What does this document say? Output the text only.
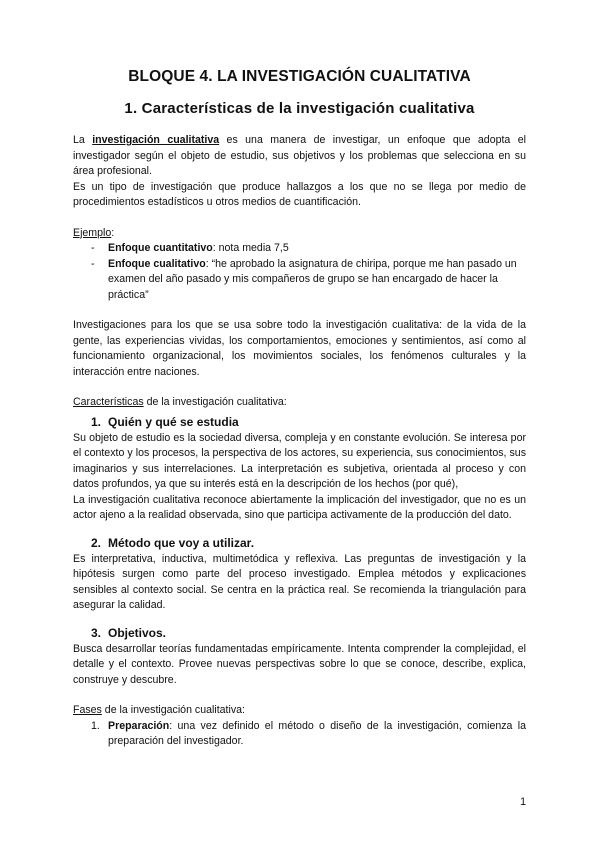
BLOQUE 4. LA INVESTIGACIÓN CUALITATIVA
1. Características de la investigación cualitativa

La investigación cualitativa es una manera de investigar, un enfoque que adopta el investigador según el objeto de estudio, sus objetivos y los problemas que selecciona en su área profesional.

Es un tipo de investigación que produce hallazgos a los que no se llega por medio de procedimientos estadísticos u otros medios de cuantificación.

Ejemplo:

- Enfoque cuantitativo: nota media 7,5
- Enfoque cualitativo: “he aprobado la asignatura de chiripa, porque me han pasado un examen del año pasado y mis compañeros de grupo se han encargado de hacer la práctica”

Investigaciones para los que se usa sobre todo la investigación cualitativa: de la vida de la gente, las experiencias vividas, los comportamientos, emociones y sentimientos, así como al funcionamiento organizacional, los movimientos sociales, los fenómenos culturales y la interacción entre naciones.

Características de la investigación cualitativa:

1. Quién y qué se estudia

Su objeto de estudio es la sociedad diversa, compleja y en constante evolución. Se interesa por el contexto y los procesos, la perspectiva de los actores, su experiencia, sus conocimientos, sus imaginarios y sus interrelaciones. La interpretación es subjetiva, orientada al proceso y con datos profundos, ya que su interés está en la descripción de los hechos (por qué),

La investigación cualitativa reconoce abiertamente la implicación del investigador, que no es un actor ajeno a la realidad observada, sino que participa activamente de la producción del dato.

2. Método que voy a utilizar.

Es interpretativa, inductiva, multimetódica y reflexiva. Las preguntas de investigación y la hipótesis surgen como parte del proceso investigado. Emplea métodos y explicaciones sensibles al contexto social. Se centra en la práctica real. Se recomienda la triangulación para asegurar la calidad.

3. Objetivos.

Busca desarrollar teorías fundamentadas empíricamente. Intenta comprender la complejidad, el detalle y el contexto. Provee nuevas perspectivas sobre lo que se conoce, describe, explica, construye y descubre.

Fases de la investigación cualitativa:

1. Preparación: una vez definido el método o diseño de la investigación, comienza la preparación del investigador.
1
